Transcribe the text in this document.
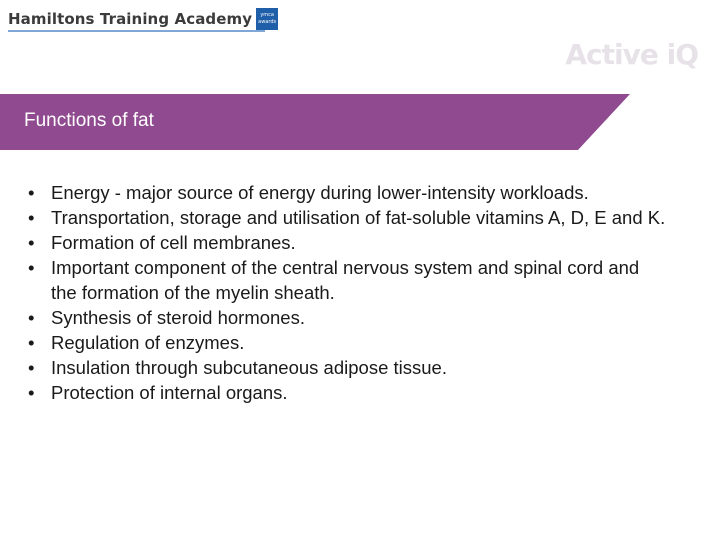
Hamiltons Training Academy ymca
awards
Active iQ
Functions of fat
• Energy - major source of energy during lower-intensity workloads.
• Transportation, storage and utilisation of fat-soluble vitamins A, D, E and K.
• Formation of cell membranes.
• Important component of the central nervous system and spinal cord and the formation of the myelin sheath.
• Synthesis of steroid hormones.
• Regulation of enzymes.
• Insulation through subcutaneous adipose tissue.
• Protection of internal organs.
